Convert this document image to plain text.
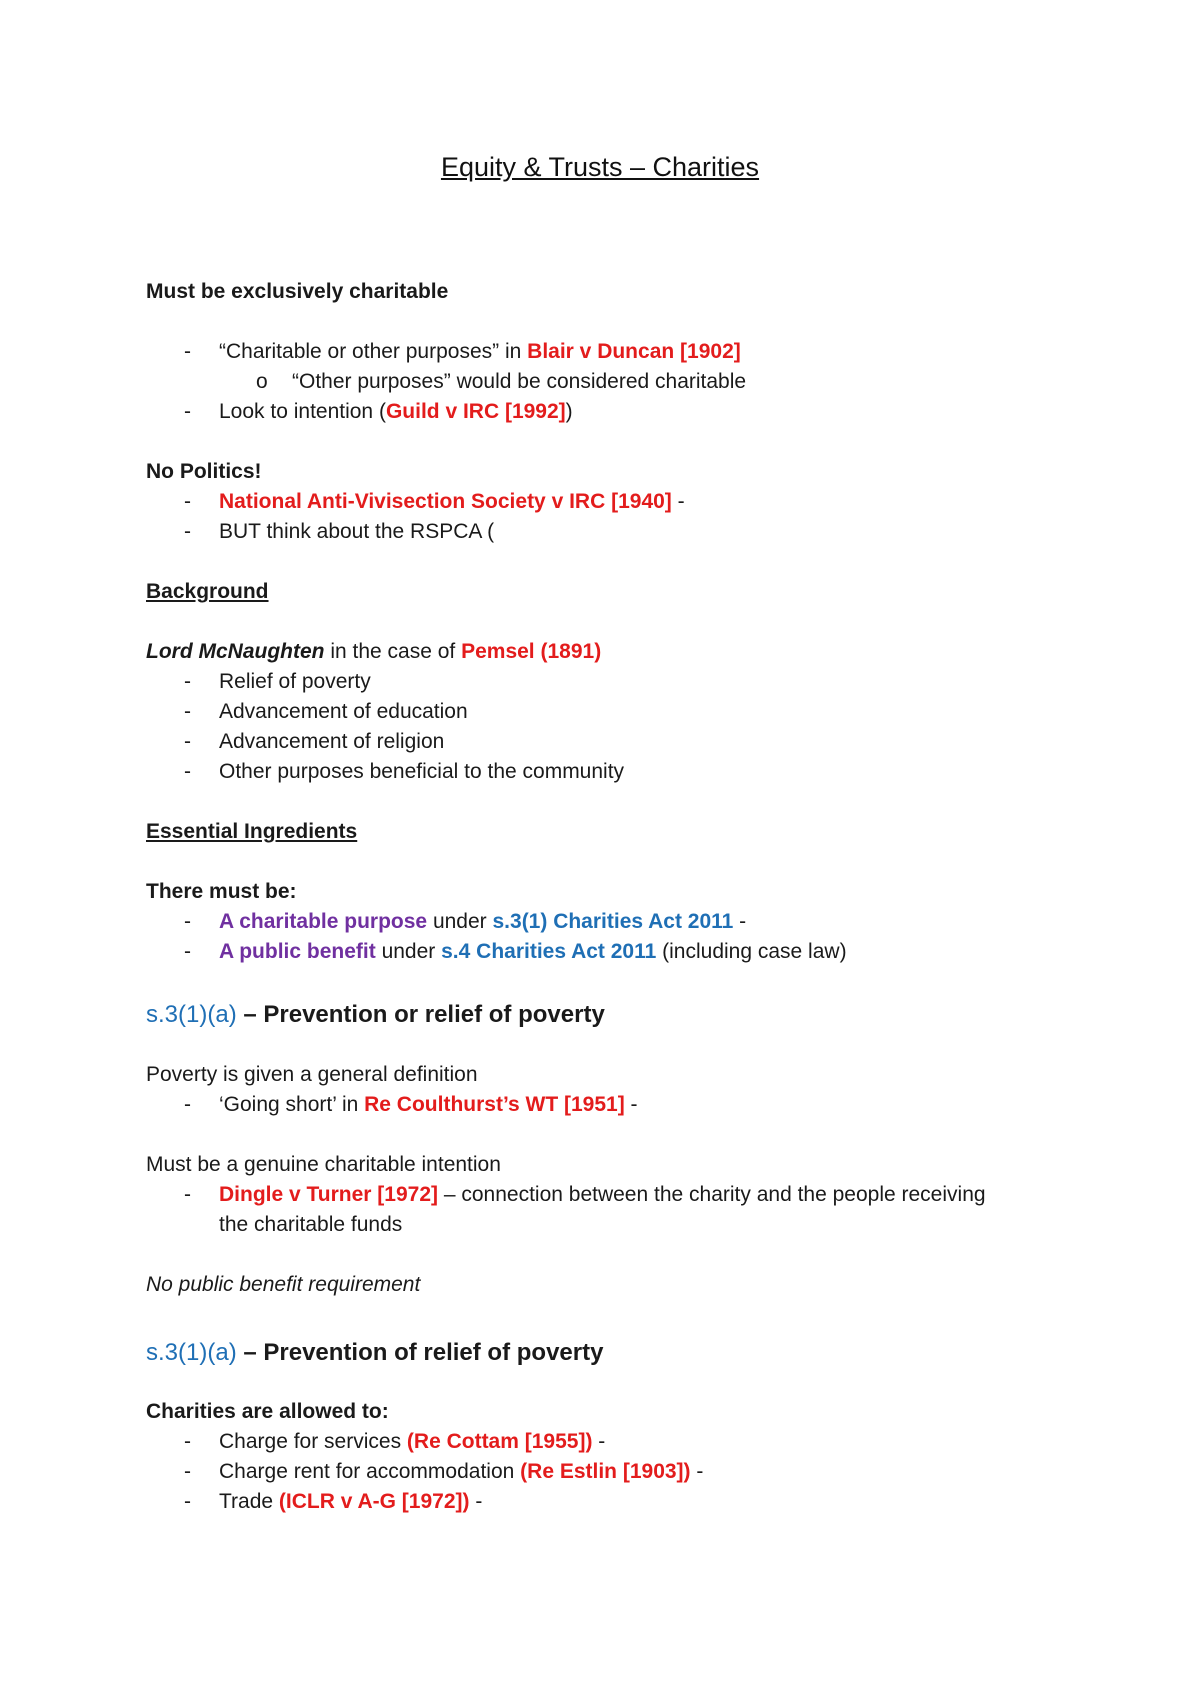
Equity & Trusts – Charities
Must be exclusively charitable
- “Charitable or other purposes” in Blair v Duncan [1902]
o “Other purposes” would be considered charitable
- Look to intention (Guild v IRC [1992])
No Politics!
- National Anti-Vivisection Society v IRC [1940] -
- BUT think about the RSPCA (
Background
Lord McNaughten in the case of Pemsel (1891)
- Relief of poverty
- Advancement of education
- Advancement of religion
- Other purposes beneficial to the community
Essential Ingredients
There must be:
- A charitable purpose under s.3(1) Charities Act 2011 -
- A public benefit under s.4 Charities Act 2011 (including case law)
s.3(1)(a) – Prevention or relief of poverty
Poverty is given a general definition
- ‘Going short’ in Re Coulthurst’s WT [1951] -
Must be a genuine charitable intention
- Dingle v Turner [1972] – connection between the charity and the people receiving
the charitable funds
No public benefit requirement
s.3(1)(a) – Prevention of relief of poverty
Charities are allowed to:
- Charge for services (Re Cottam [1955]) -
- Charge rent for accommodation (Re Estlin [1903]) -
- Trade (ICLR v A-G [1972]) -
